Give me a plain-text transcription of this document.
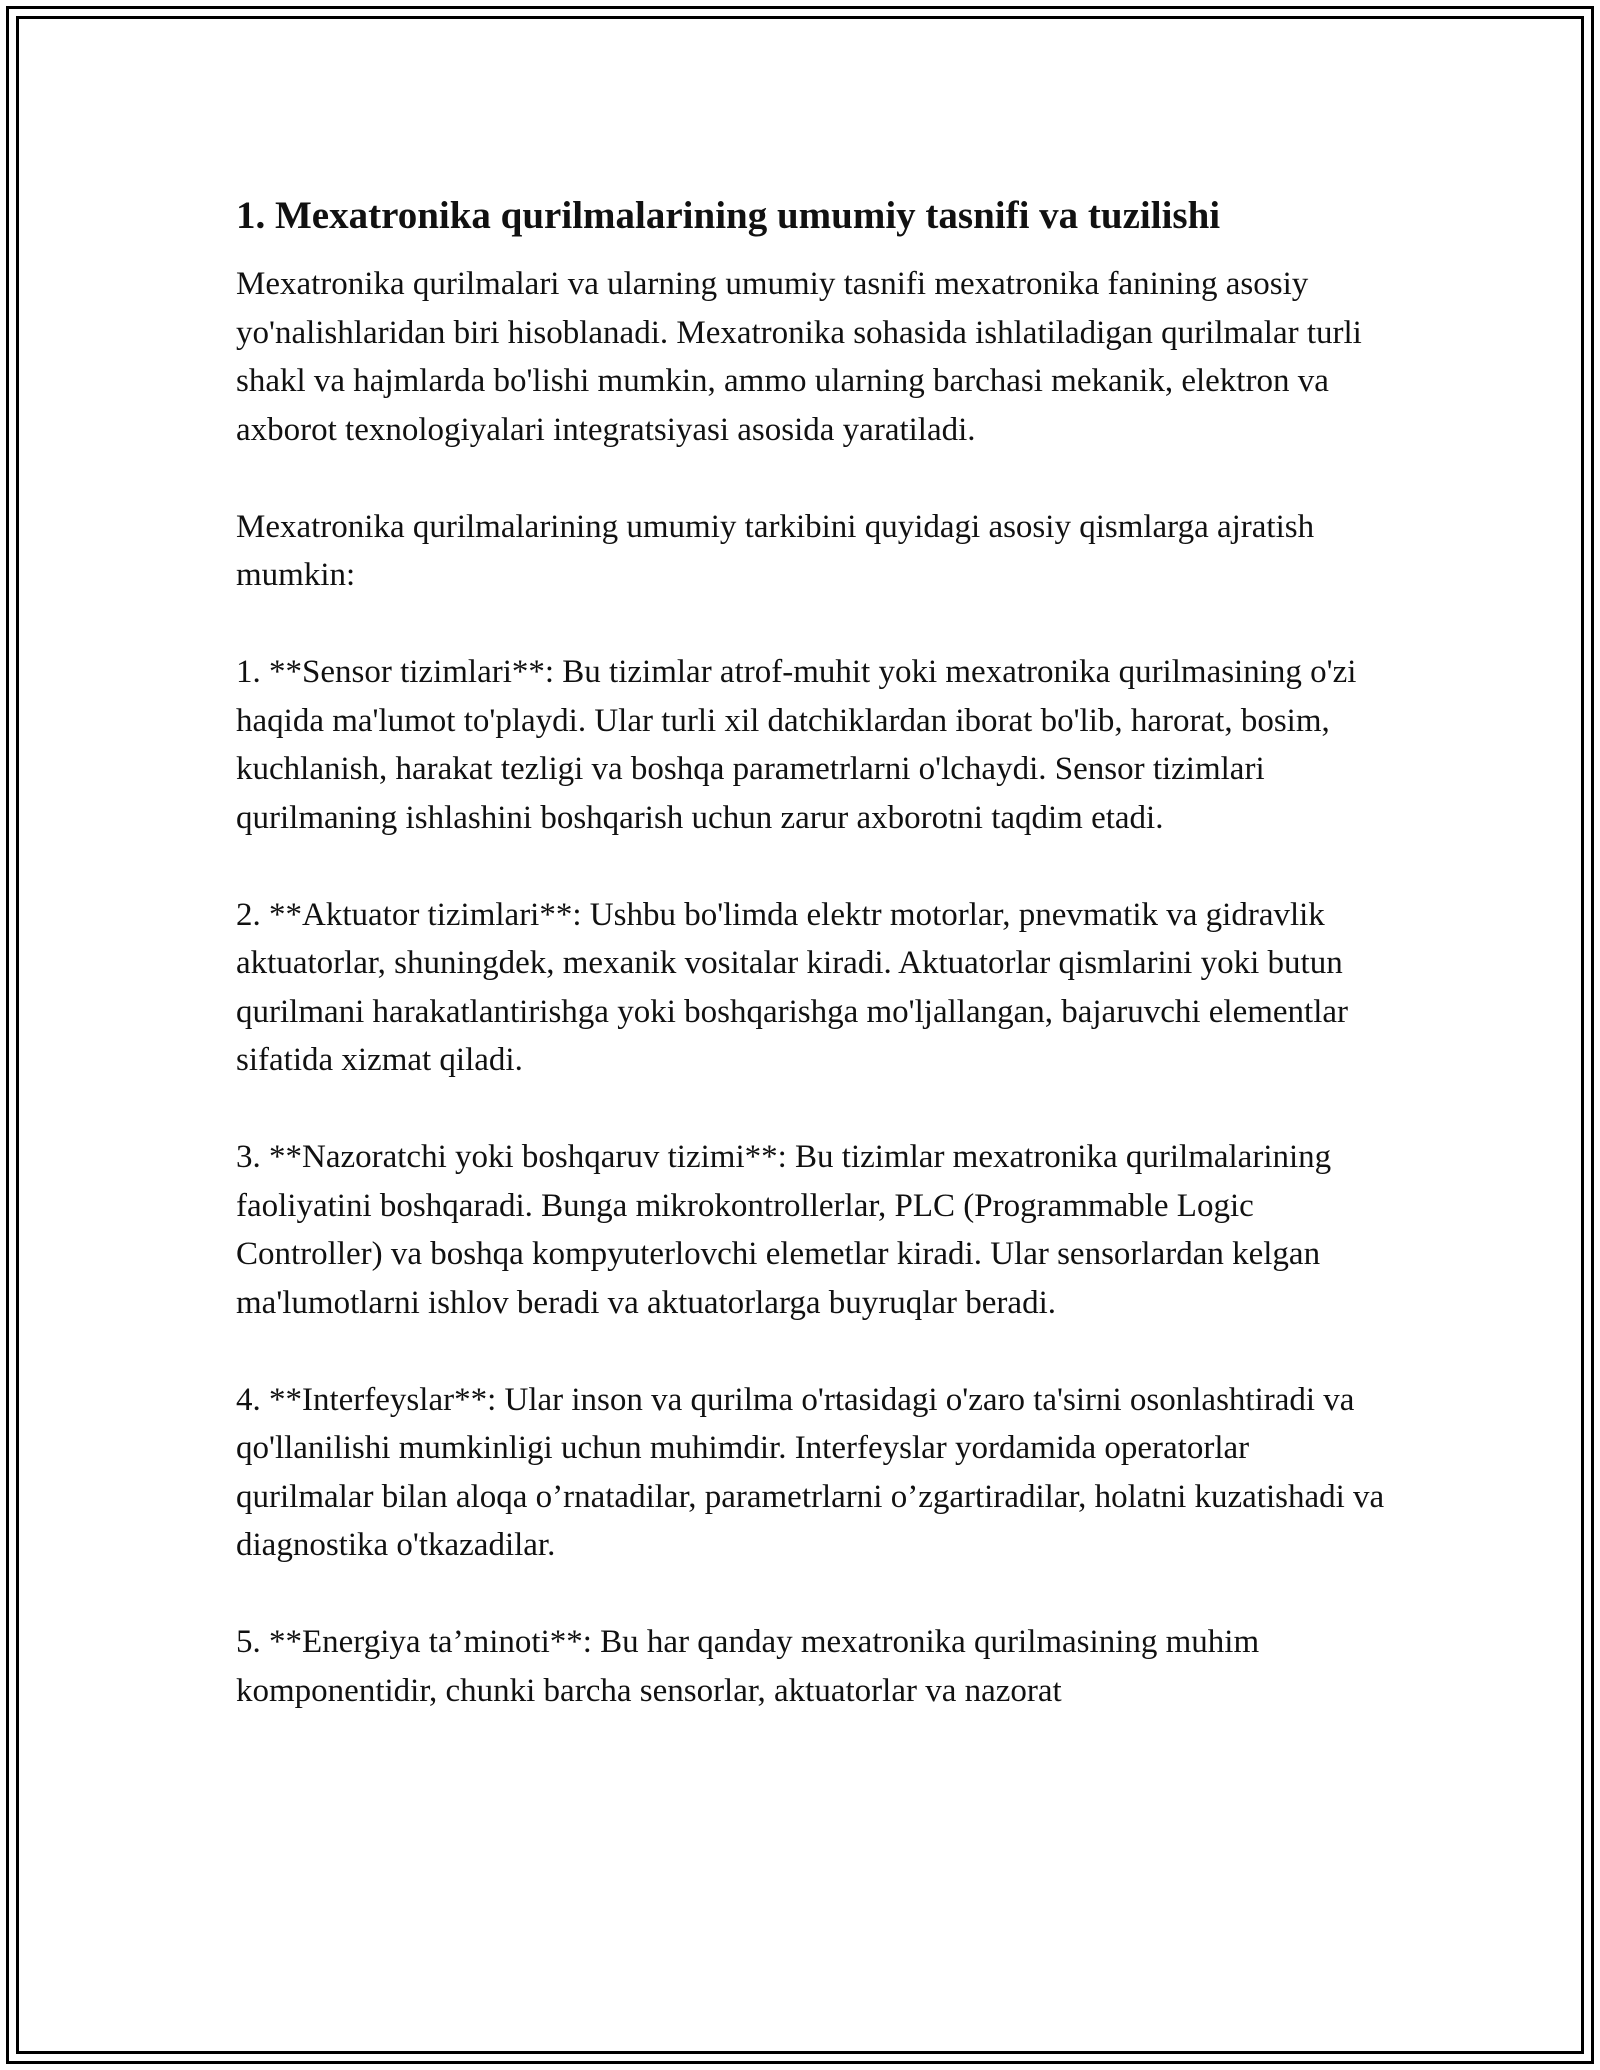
1. Mexatronika qurilmalarining umumiy tasnifi va tuzilishi

Mexatronika qurilmalari va ularning umumiy tasnifi mexatronika fanining asosiy yo'nalishlaridan biri hisoblanadi. Mexatronika sohasida ishlatiladigan qurilmalar turli shakl va hajmlarda bo'lishi mumkin, ammo ularning barchasi mekanik, elektron va axborot texnologiyalari integratsiyasi asosida yaratiladi.

Mexatronika qurilmalarining umumiy tarkibini quyidagi asosiy qismlarga ajratish mumkin:

1. **Sensor tizimlari**: Bu tizimlar atrof-muhit yoki mexatronika qurilmasining o'zi haqida ma'lumot to'playdi. Ular turli xil datchiklardan iborat bo'lib, harorat, bosim, kuchlanish, harakat tezligi va boshqa parametrlarni o'lchaydi. Sensor tizimlari qurilmaning ishlashini boshqarish uchun zarur axborotni taqdim etadi.

2. **Aktuator tizimlari**: Ushbu bo'limda elektr motorlar, pnevmatik va gidravlik aktuatorlar, shuningdek, mexanik vositalar kiradi. Aktuatorlar qismlarini yoki butun qurilmani harakatlantirishga yoki boshqarishga mo'ljallangan, bajaruvchi elementlar sifatida xizmat qiladi.

3. **Nazoratchi yoki boshqaruv tizimi**: Bu tizimlar mexatronika qurilmalarining faoliyatini boshqaradi. Bunga mikrokontrollerlar, PLC (Programmable Logic Controller) va boshqa kompyuterlovchi elemetlar kiradi. Ular sensorlardan kelgan ma'lumotlarni ishlov beradi va aktuatorlarga buyruqlar beradi.

4. **Interfeyslar**: Ular inson va qurilma o'rtasidagi o'zaro ta'sirni osonlashtiradi va qo'llanilishi mumkinligi uchun muhimdir. Interfeyslar yordamida operatorlar qurilmalar bilan aloqa o’rnatadilar, parametrlarni o’zgartiradilar, holatni kuzatishadi va diagnostika o'tkazadilar.

5. **Energiya ta’minoti**: Bu har qanday mexatronika qurilmasining muhim komponentidir, chunki barcha sensorlar, aktuatorlar va nazorat
